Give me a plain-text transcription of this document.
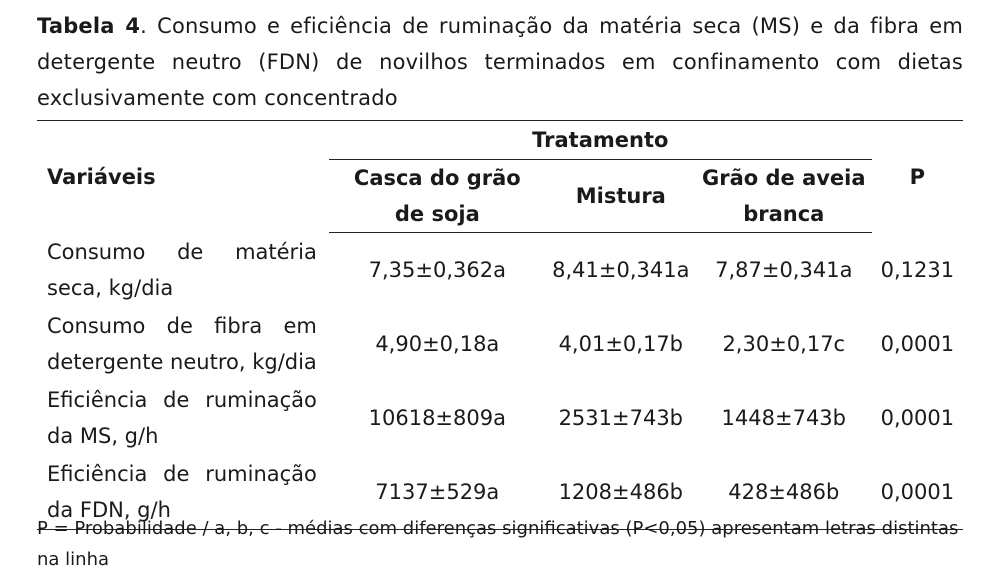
Tabela 4. Consumo e eficiência de ruminação da matéria seca (MS) e da fibra em detergente neutro (FDN) de novilhos terminados em confinamento com dietas exclusivamente com concentrado
Variáveis	Tratamento			P
	Casca do grão de soja	Mistura	Grão de aveia branca	
Consumo de matéria seca, kg/dia	7,35±0,362a	8,41±0,341a	7,87±0,341a	0,1231
Consumo de fibra em detergente neutro, kg/dia	4,90±0,18a	4,01±0,17b	2,30±0,17c	0,0001
Eficiência de ruminação da MS, g/h	10618±809a	2531±743b	1448±743b	0,0001
Eficiência de ruminação da FDN, g/h	7137±529a	1208±486b	428±486b	0,0001
P = Probabilidade / a, b, c - médias com diferenças significativas (P<0,05) apresentam letras distintas na linha
